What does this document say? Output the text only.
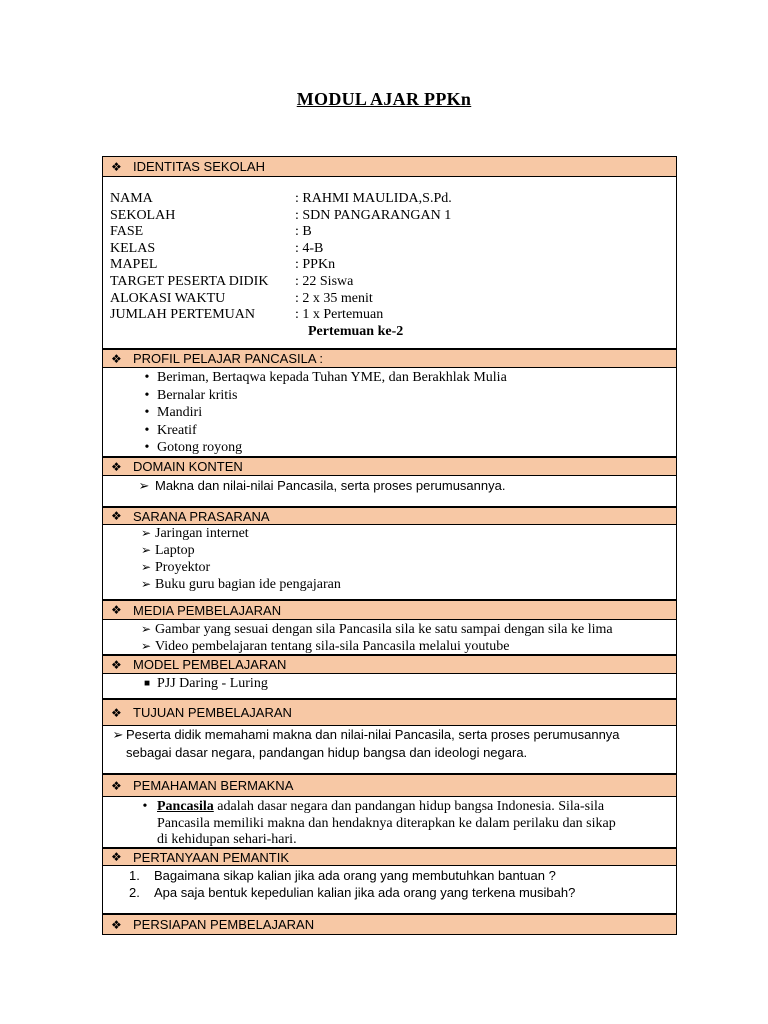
MODUL AJAR PPKn
❖ IDENTITAS SEKOLAH
NAMA	: RAHMI MAULIDA,S.Pd.
SEKOLAH	: SDN PANGARANGAN 1
FASE	: B
KELAS	: 4-B
MAPEL	: PPKn
TARGET PESERTA DIDIK	: 22 Siswa
ALOKASI WAKTU	: 2 x 35 menit
JUMLAH PERTEMUAN	: 1 x Pertemuan
Pertemuan ke-2
❖ PROFIL PELAJAR PANCASILA :
• Beriman, Bertaqwa kepada Tuhan YME, dan Berakhlak Mulia
• Bernalar kritis
• Mandiri
• Kreatif
• Gotong royong
❖ DOMAIN KONTEN
➢ Makna dan nilai-nilai Pancasila, serta proses perumusannya.
❖ SARANA PRASARANA
➢ Jaringan internet
➢ Laptop
➢ Proyektor
➢ Buku guru bagian ide pengajaran
❖ MEDIA PEMBELAJARAN
➢ Gambar yang sesuai dengan sila Pancasila sila ke satu sampai dengan sila ke lima
➢ Video pembelajaran tentang sila-sila Pancasila melalui youtube
❖ MODEL PEMBELAJARAN
■ PJJ Daring - Luring
❖ TUJUAN PEMBELAJARAN
➢ Peserta didik memahami makna dan nilai-nilai Pancasila, serta proses perumusannya
sebagai dasar negara, pandangan hidup bangsa dan ideologi negara.
❖ PEMAHAMAN BERMAKNA
• Pancasila adalah dasar negara dan pandangan hidup bangsa Indonesia. Sila-sila
Pancasila memiliki makna dan hendaknya diterapkan ke dalam perilaku dan sikap
di kehidupan sehari-hari.
❖ PERTANYAAN PEMANTIK
1.	Bagaimana sikap kalian jika ada orang yang membutuhkan bantuan ?
2.	Apa saja bentuk kepedulian kalian jika ada orang yang terkena musibah?
❖ PERSIAPAN PEMBELAJARAN
